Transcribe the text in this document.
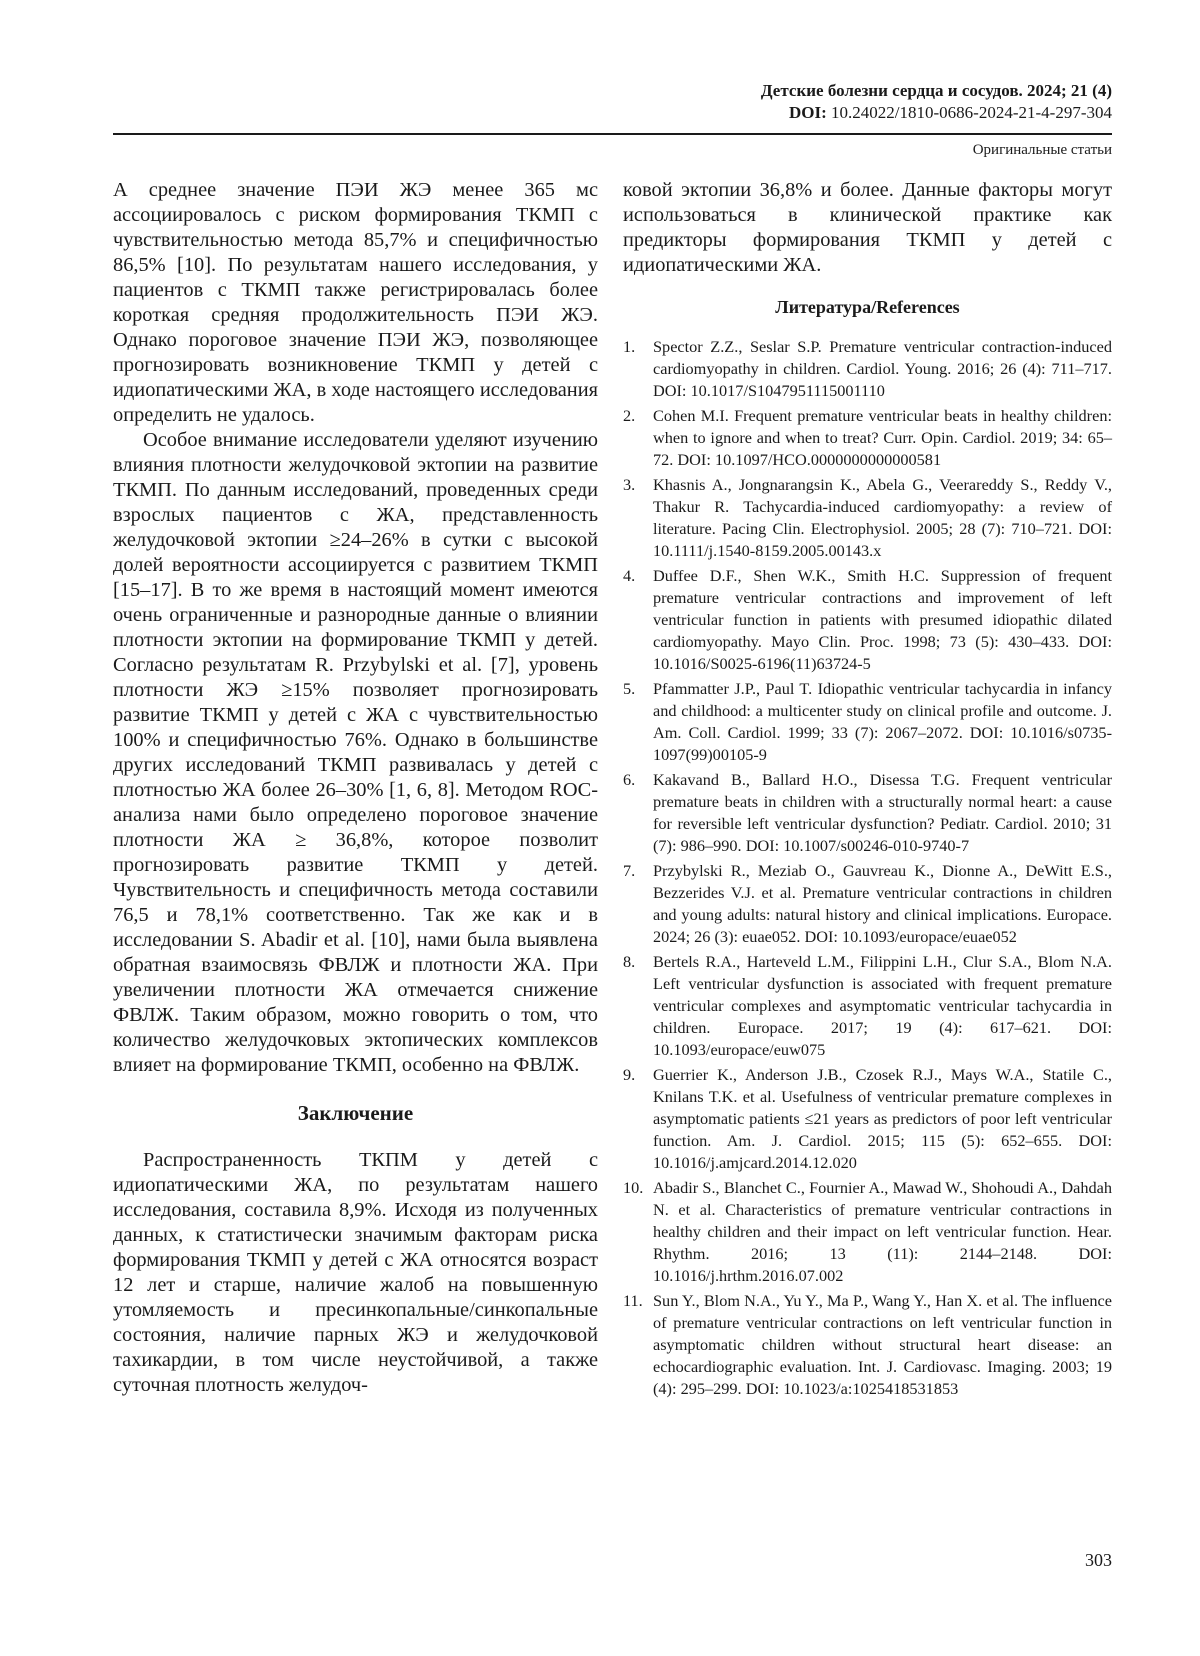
Детские болезни сердца и сосудов. 2024; 21 (4)
DOI: 10.24022/1810-0686-2024-21-4-297-304
Оригинальные статьи

А среднее значение ПЭИ ЖЭ менее 365 мс ассоциировалось с риском формирования ТКМП с чувствительностью метода 85,7% и специфичностью 86,5% [10]. По результатам нашего исследования, у пациентов с ТКМП также регистрировалась более короткая средняя продолжительность ПЭИ ЖЭ. Однако пороговое значение ПЭИ ЖЭ, позволяющее прогнозировать возникновение ТКМП у детей с идиопатическими ЖА, в ходе настоящего исследования определить не удалось.

Особое внимание исследователи уделяют изучению влияния плотности желудочковой эктопии на развитие ТКМП. По данным исследований, проведенных среди взрослых пациентов с ЖА, представленность желудочковой эктопии ≥24–26% в сутки с высокой долей вероятности ассоциируется с развитием ТКМП [15–17]. В то же время в настоящий момент имеются очень ограниченные и разнородные данные о влиянии плотности эктопии на формирование ТКМП у детей. Согласно результатам R. Przybylski et al. [7], уровень плотности ЖЭ ≥15% позволяет прогнозировать развитие ТКМП у детей с ЖА с чувствительностью 100% и специфичностью 76%. Однако в большинстве других исследований ТКМП развивалась у детей с плотностью ЖА более 26–30% [1, 6, 8]. Методом ROC-анализа нами было определено пороговое значение плотности ЖА ≥ 36,8%, которое позволит прогнозировать развитие ТКМП у детей. Чувствительность и специфичность метода составили 76,5 и 78,1% соответственно. Так же как и в исследовании S. Abadir et al. [10], нами была выявлена обратная взаимосвязь ФВЛЖ и плотности ЖА. При увеличении плотности ЖА отмечается снижение ФВЛЖ. Таким образом, можно говорить о том, что количество желудочковых эктопических комплексов влияет на формирование ТКМП, особенно на ФВЛЖ.

Заключение

Распространенность ТКПМ у детей с идиопатическими ЖА, по результатам нашего исследования, составила 8,9%. Исходя из полученных данных, к статистически значимым факторам риска формирования ТКМП у детей с ЖА относятся возраст 12 лет и старше, наличие жалоб на повышенную утомляемость и пресинкопальные/синкопальные состояния, наличие парных ЖЭ и желудочковой тахикардии, в том числе неустойчивой, а также суточная плотность желудоч-

ковой эктопии 36,8% и более. Данные факторы могут использоваться в клинической практике как предикторы формирования ТКМП у детей с идиопатическими ЖА.

Литература/References
1. Spector Z.Z., Seslar S.P. Premature ventricular contraction-induced cardiomyopathy in children. Cardiol. Young. 2016; 26 (4): 711–717. DOI: 10.1017/S1047951115001110
2. Cohen M.I. Frequent premature ventricular beats in healthy children: when to ignore and when to treat? Curr. Opin. Cardiol. 2019; 34: 65–72. DOI: 10.1097/HCO.0000000000000581
3. Khasnis A., Jongnarangsin K., Abela G., Veerareddy S., Reddy V., Thakur R. Tachycardia-induced cardiomyopathy: a review of literature. Pacing Clin. Electrophysiol. 2005; 28 (7): 710–721. DOI: 10.1111/j.1540-8159.2005.00143.x
4. Duffee D.F., Shen W.K., Smith H.C. Suppression of frequent premature ventricular contractions and improvement of left ventricular function in patients with presumed idiopathic dilated cardiomyopathy. Mayo Clin. Proc. 1998; 73 (5): 430–433. DOI: 10.1016/S0025-6196(11)63724-5
5. Pfammatter J.P., Paul T. Idiopathic ventricular tachycardia in infancy and childhood: a multicenter study on clinical profile and outcome. J. Am. Coll. Cardiol. 1999; 33 (7): 2067–2072. DOI: 10.1016/s0735-1097(99)00105-9
6. Kakavand B., Ballard H.O., Disessa T.G. Frequent ventricular premature beats in children with a structurally normal heart: a cause for reversible left ventricular dysfunction? Pediatr. Cardiol. 2010; 31 (7): 986–990. DOI: 10.1007/s00246-010-9740-7
7. Przybylski R., Meziab O., Gauvreau K., Dionne A., DeWitt E.S., Bezzerides V.J. et al. Premature ventricular contractions in children and young adults: natural history and clinical implications. Europace. 2024; 26 (3): euae052. DOI: 10.1093/europace/euae052
8. Bertels R.A., Harteveld L.M., Filippini L.H., Clur S.A., Blom N.A. Left ventricular dysfunction is associated with frequent premature ventricular complexes and asymptomatic ventricular tachycardia in children. Europace. 2017; 19 (4): 617–621. DOI: 10.1093/europace/euw075
9. Guerrier K., Anderson J.B., Czosek R.J., Mays W.A., Statile C., Knilans T.K. et al. Usefulness of ventricular premature complexes in asymptomatic patients ≤21 years as predictors of poor left ventricular function. Am. J. Cardiol. 2015; 115 (5): 652–655. DOI: 10.1016/j.amjcard.2014.12.020
10. Abadir S., Blanchet C., Fournier A., Mawad W., Shohoudi A., Dahdah N. et al. Characteristics of premature ventricular contractions in healthy children and their impact on left ventricular function. Hear. Rhythm. 2016; 13 (11): 2144–2148. DOI: 10.1016/j.hrthm.2016.07.002
11. Sun Y., Blom N.A., Yu Y., Ma P., Wang Y., Han X. et al. The influence of premature ventricular contractions on left ventricular function in asymptomatic children without structural heart disease: an echocardiographic evaluation. Int. J. Cardiovasc. Imaging. 2003; 19 (4): 295–299. DOI: 10.1023/a:1025418531853
303
